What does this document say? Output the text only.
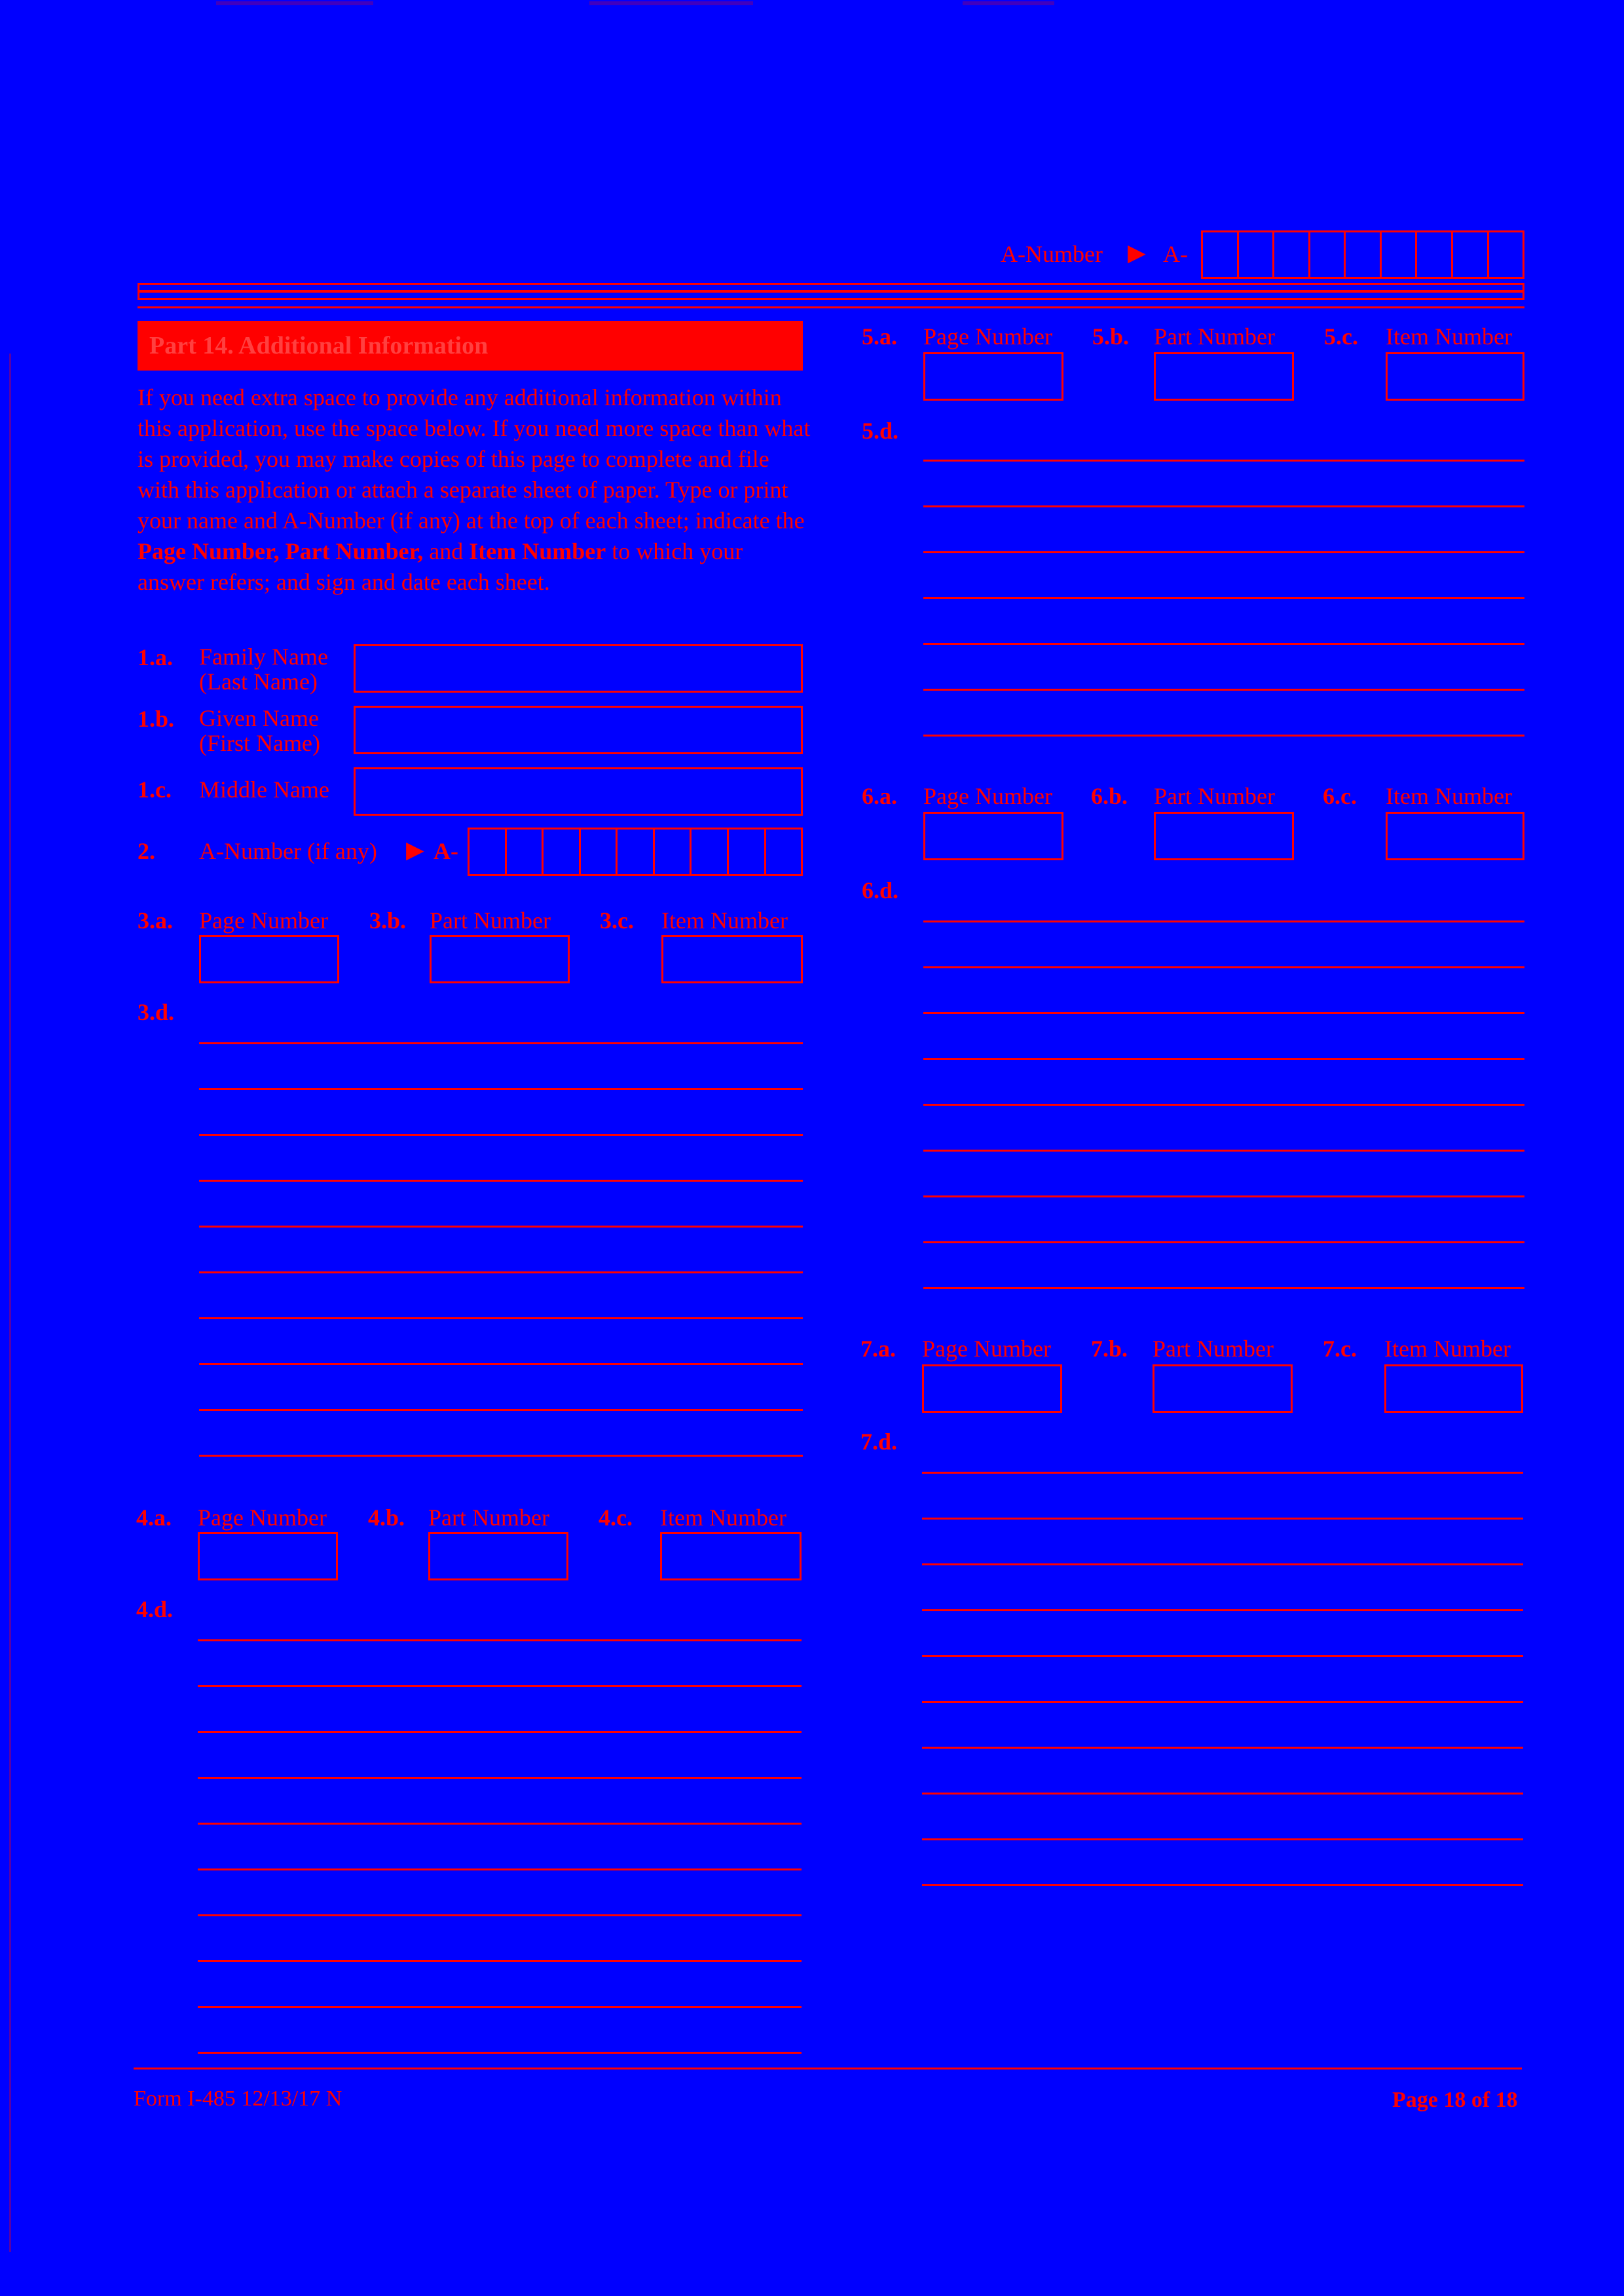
A-Number ▶ A-
Part 14. Additional Information
If you need extra space to provide any additional information within this application, use the space below. If you need more space than what is provided, you may make copies of this page to complete and file with this application or attach a separate sheet of paper. Type or print your name and A-Number (if any) at the top of each sheet; indicate the Page Number, Part Number, and Item Number to which your answer refers; and sign and date each sheet.
1.a. Family Name
(Last Name)
1.b. Given Name
(First Name)
1.c. Middle Name
2. A-Number (if any) ▶ A-
3.a. Page Number 3.b. Part Number 3.c. Item Number
3.d.
4.a. Page Number 4.b. Part Number 4.c. Item Number
4.d.
5.a. Page Number 5.b. Part Number 5.c. Item Number
5.d.
6.a. Page Number 6.b. Part Number 6.c. Item Number
6.d.
7.a. Page Number 7.b. Part Number 7.c. Item Number
7.d.
Form I-485 12/13/17 N	Page 18 of 18
